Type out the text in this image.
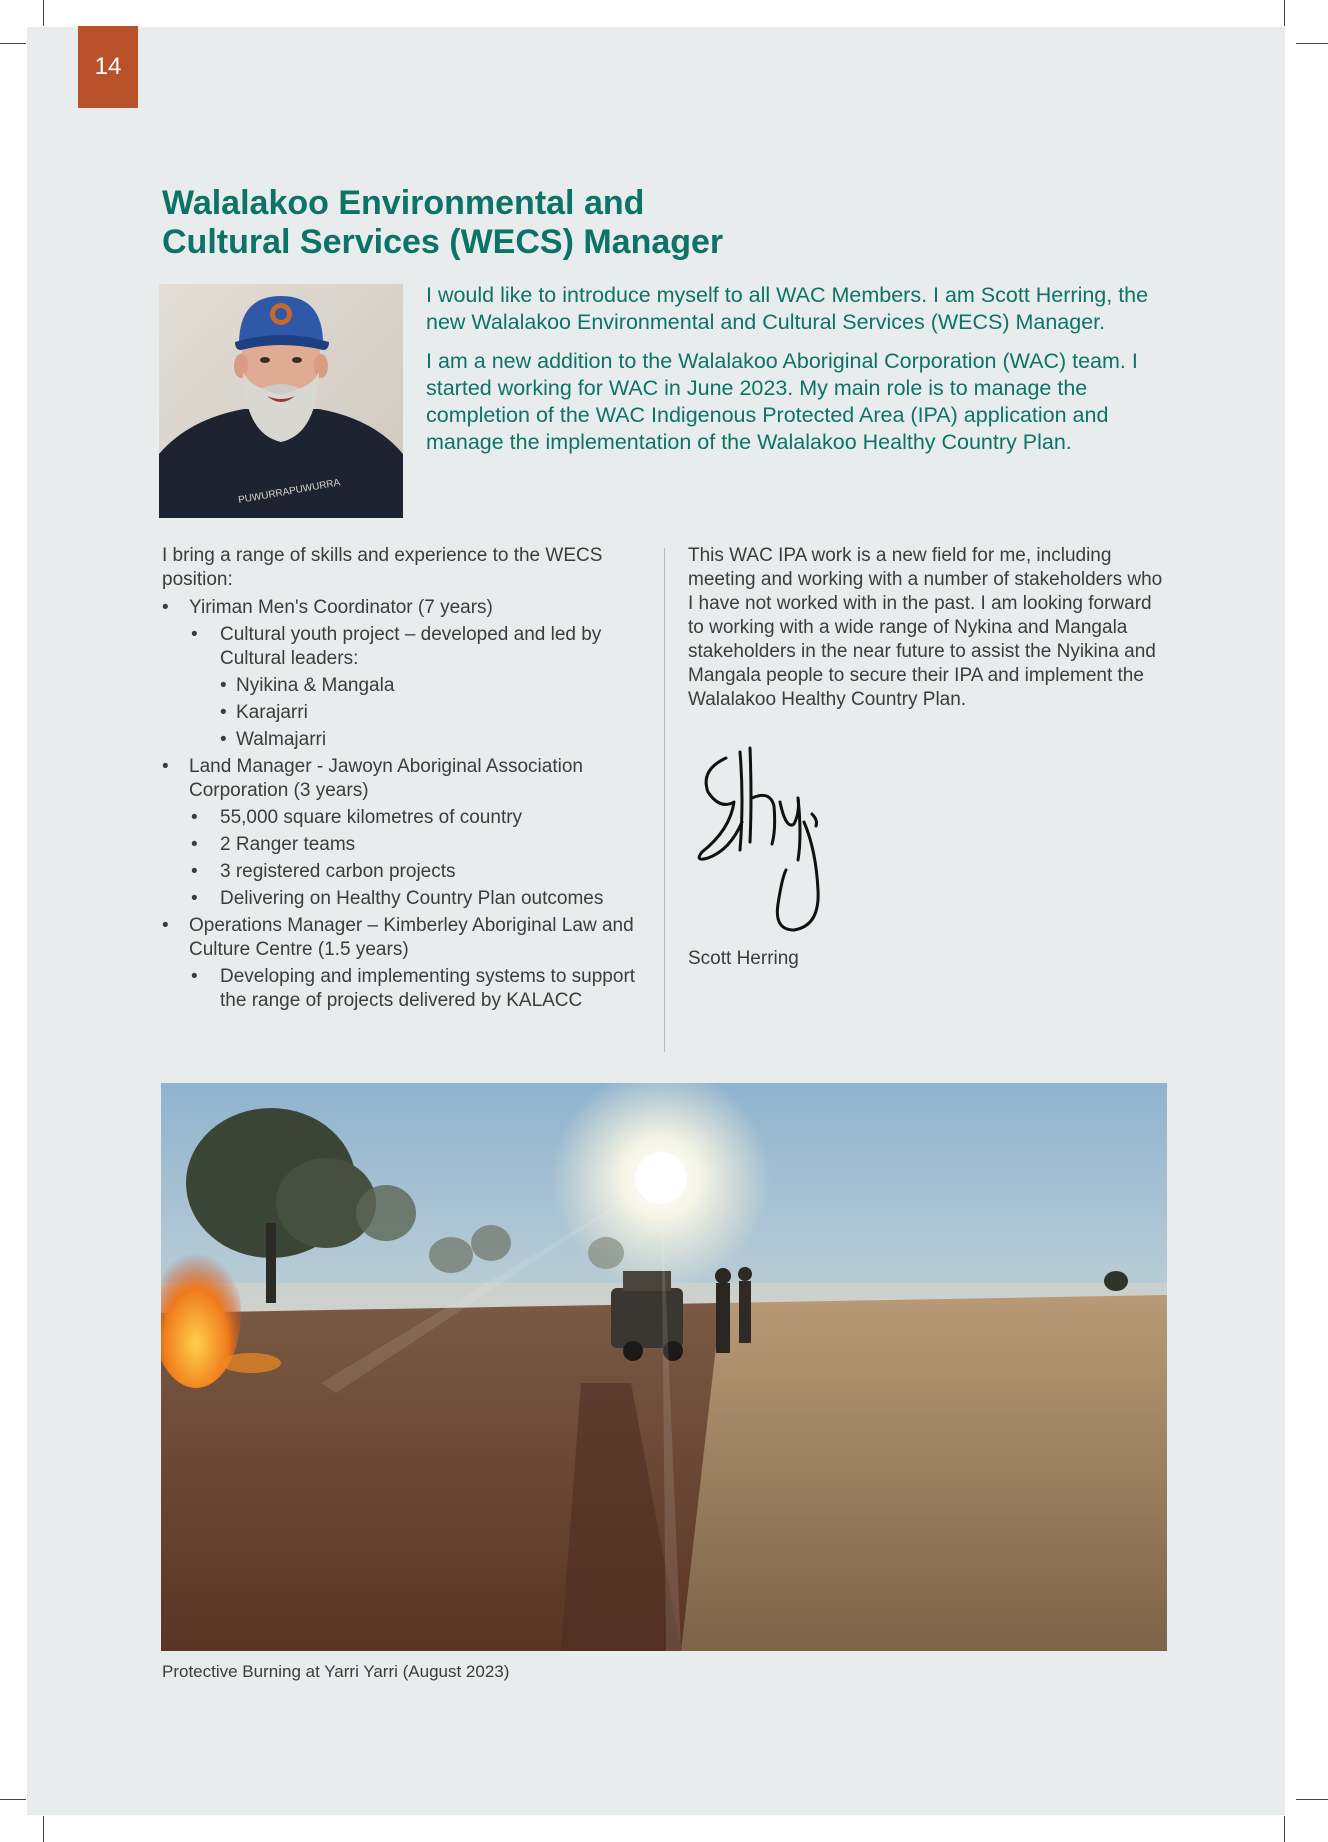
14
Walalakoo Environmental and
Cultural Services (WECS) Manager
PUWURRAPUWURRA

I would like to introduce myself to all WAC Members. I am Scott Herring, the new Walalakoo Environmental and Cultural Services (WECS) Manager.

I am a new addition to the Walalakoo Aboriginal Corporation (WAC) team. I started working for WAC in June 2023. My main role is to manage the completion of the WAC Indigenous Protected Area (IPA) application and manage the implementation of the Walalakoo Healthy Country Plan.

I bring a range of skills and experience to the WECS position:

• Yiriman Men's Coordinator (7 years)
• Cultural youth project – developed and led by Cultural leaders:
• Nyikina & Mangala
• Karajarri
• Walmajarri
• Land Manager - Jawoyn Aboriginal Association Corporation (3 years)
• 55,000 square kilometres of country
• 2 Ranger teams
• 3 registered carbon projects
• Delivering on Healthy Country Plan outcomes
• Operations Manager – Kimberley Aboriginal Law and Culture Centre (1.5 years)
• Developing and implementing systems to support the range of projects delivered by KALACC

This WAC IPA work is a new field for me, including meeting and working with a number of stakeholders who I have not worked with in the past. I am looking forward to working with a wide range of Nykina and Mangala stakeholders in the near future to assist the Nyikina and Mangala people to secure their IPA and implement the Walalakoo Healthy Country Plan.

Scott Herring
Protective Burning at Yarri Yarri (August 2023)
